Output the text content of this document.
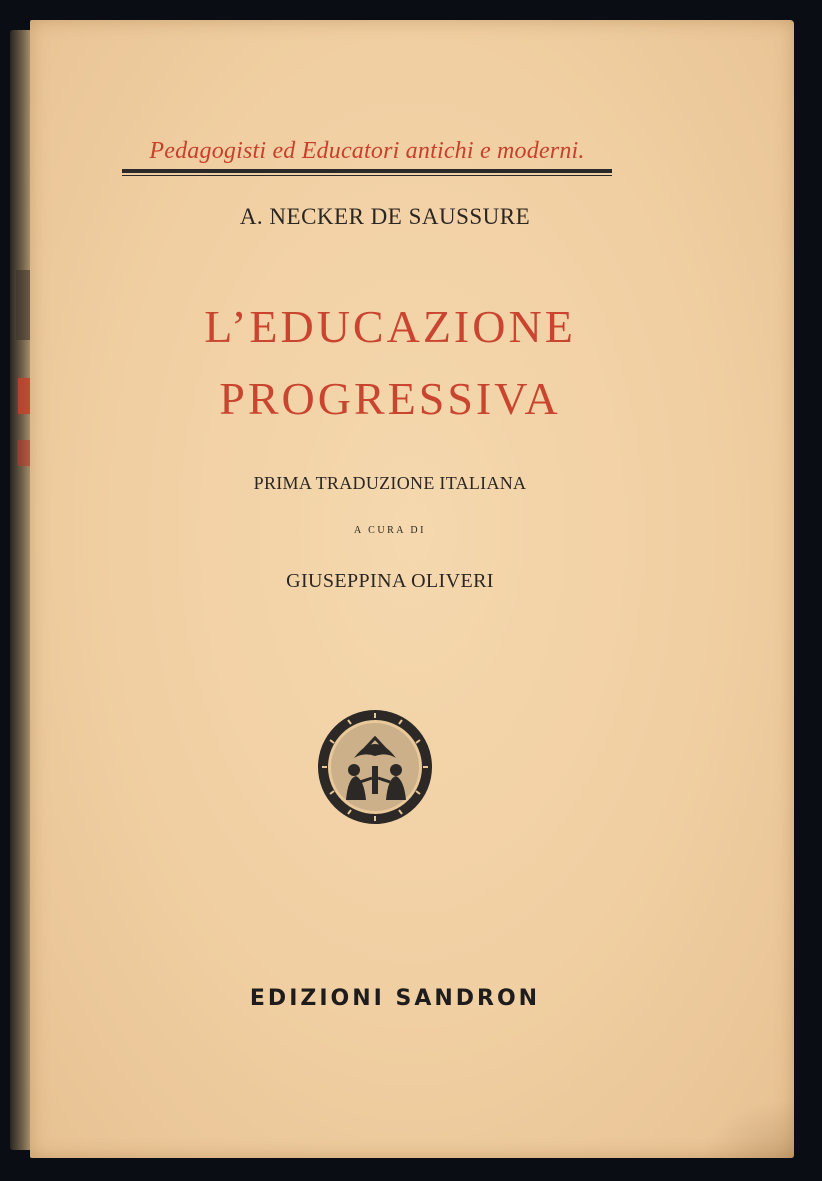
Pedagogisti ed Educatori antichi e moderni.
A. NECKER DE SAUSSURE
L’EDUCAZIONE
PROGRESSIVA
PRIMA TRADUZIONE ITALIANA
A CURA DI
GIUSEPPINA OLIVERI
EDIZIONI SANDRON
